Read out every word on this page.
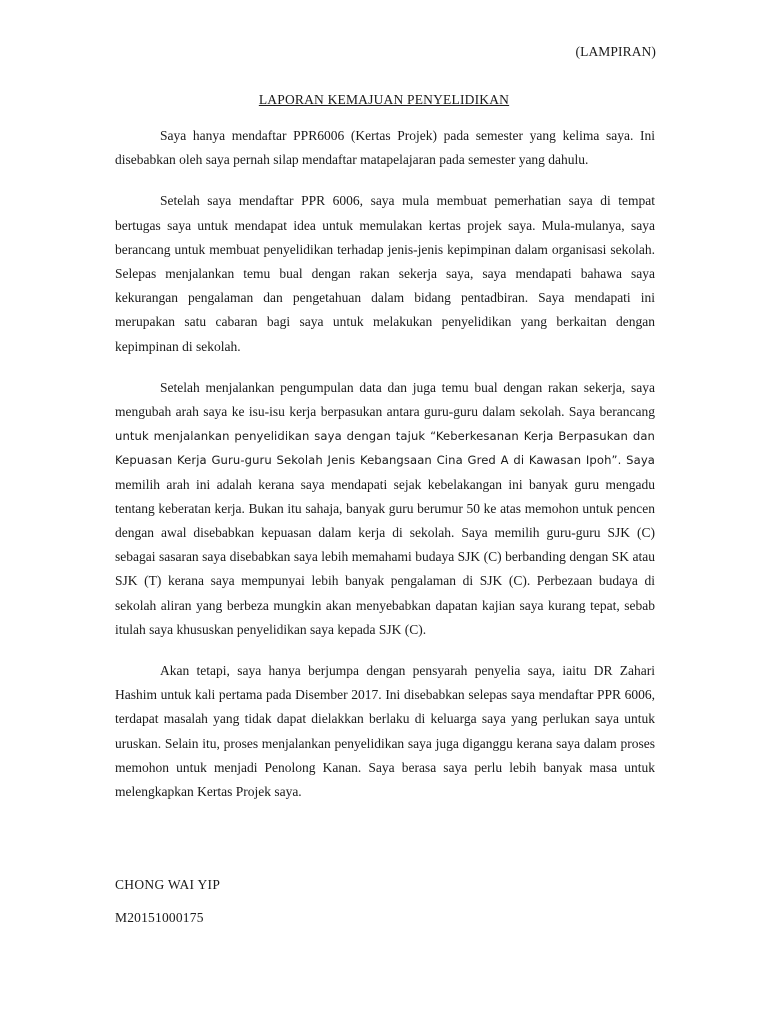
(LAMPIRAN)
LAPORAN KEMAJUAN PENYELIDIKAN

Saya hanya mendaftar PPR6006 (Kertas Projek) pada semester yang kelima saya. Ini disebabkan oleh saya pernah silap mendaftar matapelajaran pada semester yang dahulu.

Setelah saya mendaftar PPR 6006, saya mula membuat pemerhatian saya di tempat bertugas saya untuk mendapat idea untuk memulakan kertas projek saya. Mula-mulanya, saya berancang untuk membuat penyelidikan terhadap jenis-jenis kepimpinan dalam organisasi sekolah. Selepas menjalankan temu bual dengan rakan sekerja saya, saya mendapati bahawa saya kekurangan pengalaman dan pengetahuan dalam bidang pentadbiran. Saya mendapati ini merupakan satu cabaran bagi saya untuk melakukan penyelidikan yang berkaitan dengan kepimpinan di sekolah.

Setelah menjalankan pengumpulan data dan juga temu bual dengan rakan sekerja, saya mengubah arah saya ke isu-isu kerja berpasukan antara guru-guru dalam sekolah. Saya berancang untuk menjalankan penyelidikan saya dengan tajuk “Keberkesanan Kerja Berpasukan dan Kepuasan Kerja Guru-guru Sekolah Jenis Kebangsaan Cina Gred A di Kawasan Ipoh”. Saya memilih arah ini adalah kerana saya mendapati sejak kebelakangan ini banyak guru mengadu tentang keberatan kerja. Bukan itu sahaja, banyak guru berumur 50 ke atas memohon untuk pencen dengan awal disebabkan kepuasan dalam kerja di sekolah. Saya memilih guru-guru SJK (C) sebagai sasaran saya disebabkan saya lebih memahami budaya SJK (C) berbanding dengan SK atau SJK (T) kerana saya mempunyai lebih banyak pengalaman di SJK (C). Perbezaan budaya di sekolah aliran yang berbeza mungkin akan menyebabkan dapatan kajian saya kurang tepat, sebab itulah saya khususkan penyelidikan saya kepada SJK (C).

Akan tetapi, saya hanya berjumpa dengan pensyarah penyelia saya, iaitu DR Zahari Hashim untuk kali pertama pada Disember 2017. Ini disebabkan selepas saya mendaftar PPR 6006, terdapat masalah yang tidak dapat dielakkan berlaku di keluarga saya yang perlukan saya untuk uruskan. Selain itu, proses menjalankan penyelidikan saya juga diganggu kerana saya dalam proses memohon untuk menjadi Penolong Kanan. Saya berasa saya perlu lebih banyak masa untuk melengkapkan Kertas Projek saya.

CHONG WAI YIP
M20151000175
